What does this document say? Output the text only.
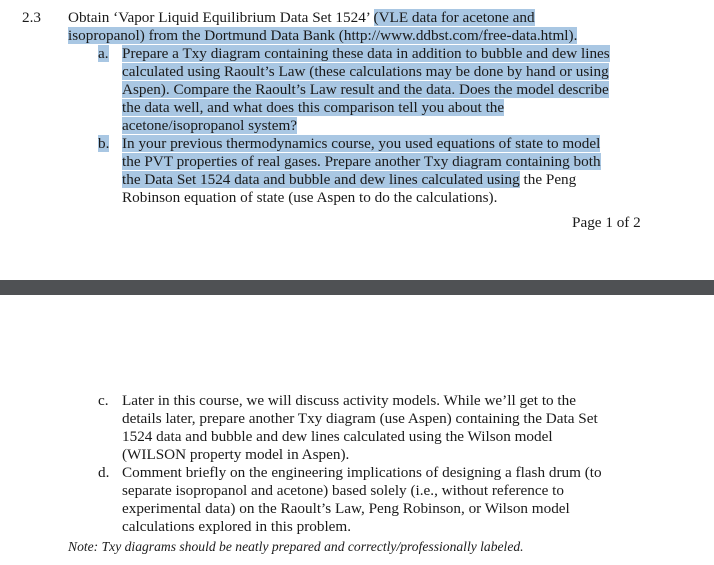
2.3 Obtain ‘Vapor Liquid Equilibrium Data Set 1524’ (VLE data for acetone and
isopropanol) from the Dortmund Data Bank (http://www.ddbst.com/free-data.html).
a. Prepare a Txy diagram containing these data in addition to bubble and dew lines
calculated using Raoult’s Law (these calculations may be done by hand or using
Aspen). Compare the Raoult’s Law result and the data. Does the model describe
the data well, and what does this comparison tell you about the
acetone/isopropanol system?
b. In your previous thermodynamics course, you used equations of state to model
the PVT properties of real gases. Prepare another Txy diagram containing both
the Data Set 1524 data and bubble and dew lines calculated using the Peng
Robinson equation of state (use Aspen to do the calculations).
Page 1 of 2
c. Later in this course, we will discuss activity models. While we’ll get to the
details later, prepare another Txy diagram (use Aspen) containing the Data Set
1524 data and bubble and dew lines calculated using the Wilson model
(WILSON property model in Aspen).
d. Comment briefly on the engineering implications of designing a flash drum (to
separate isopropanol and acetone) based solely (i.e., without reference to
experimental data) on the Raoult’s Law, Peng Robinson, or Wilson model
calculations explored in this problem.
Note: Txy diagrams should be neatly prepared and correctly/professionally labeled.
